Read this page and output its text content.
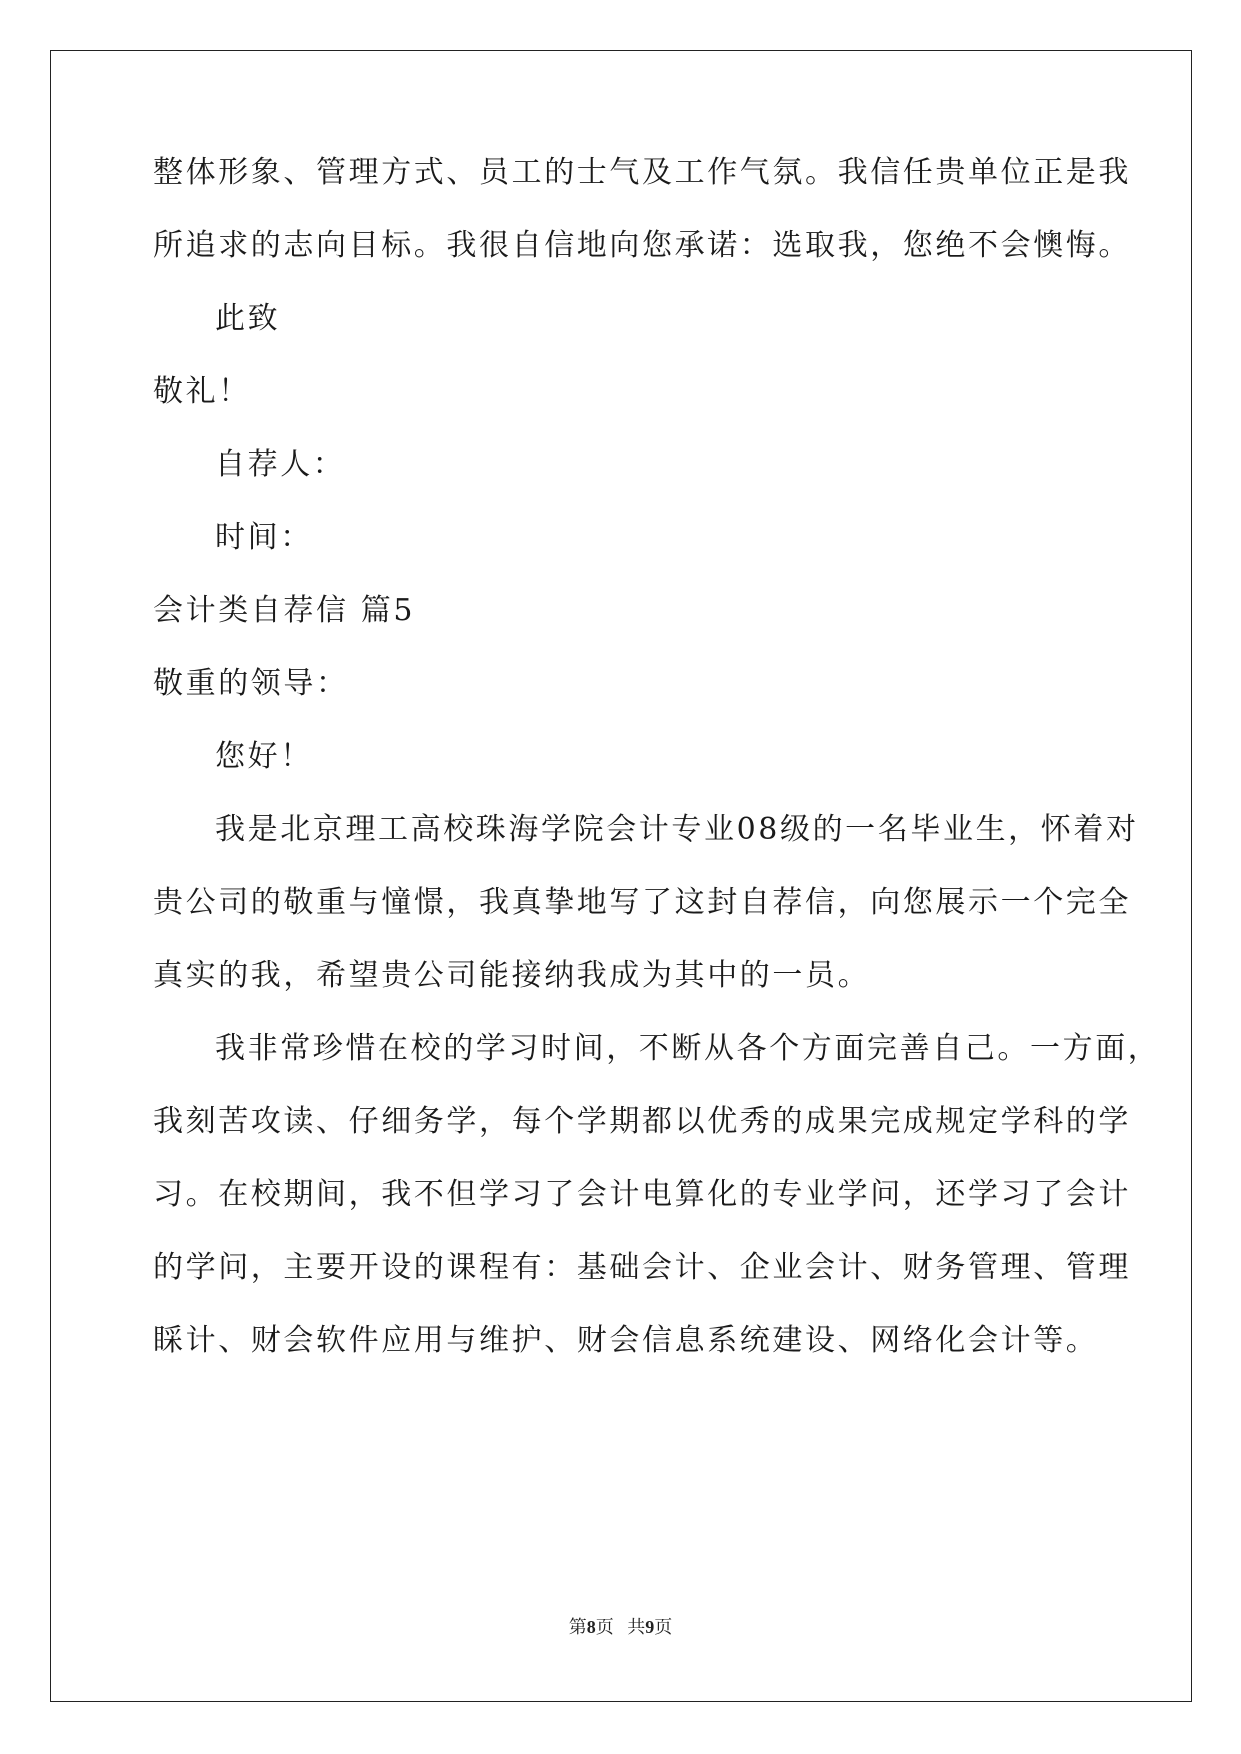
整体形象、管理方式、员工的士气及工作气氛。我信任贵单位正是我
所追求的志向目标。我很自信地向您承诺：选取我，您绝不会懊悔。
此致
敬礼！
自荐人：
时间：
会计类自荐信 篇5
敬重的领导：
您好！
我是北京理工高校珠海学院会计专业08级的一名毕业生，怀着对
贵公司的敬重与憧憬，我真挚地写了这封自荐信，向您展示一个完全
真实的我，希望贵公司能接纳我成为其中的一员。
我非常珍惜在校的学习时间，不断从各个方面完善自己。一方面，
我刻苦攻读、仔细务学，每个学期都以优秀的成果完成规定学科的学
习。在校期间，我不但学习了会计电算化的专业学问，还学习了会计
的学问，主要开设的课程有：基础会计、企业会计、财务管理、管理
睬计、财会软件应用与维护、财会信息系统建设、网络化会计等。
第8页 共9页
